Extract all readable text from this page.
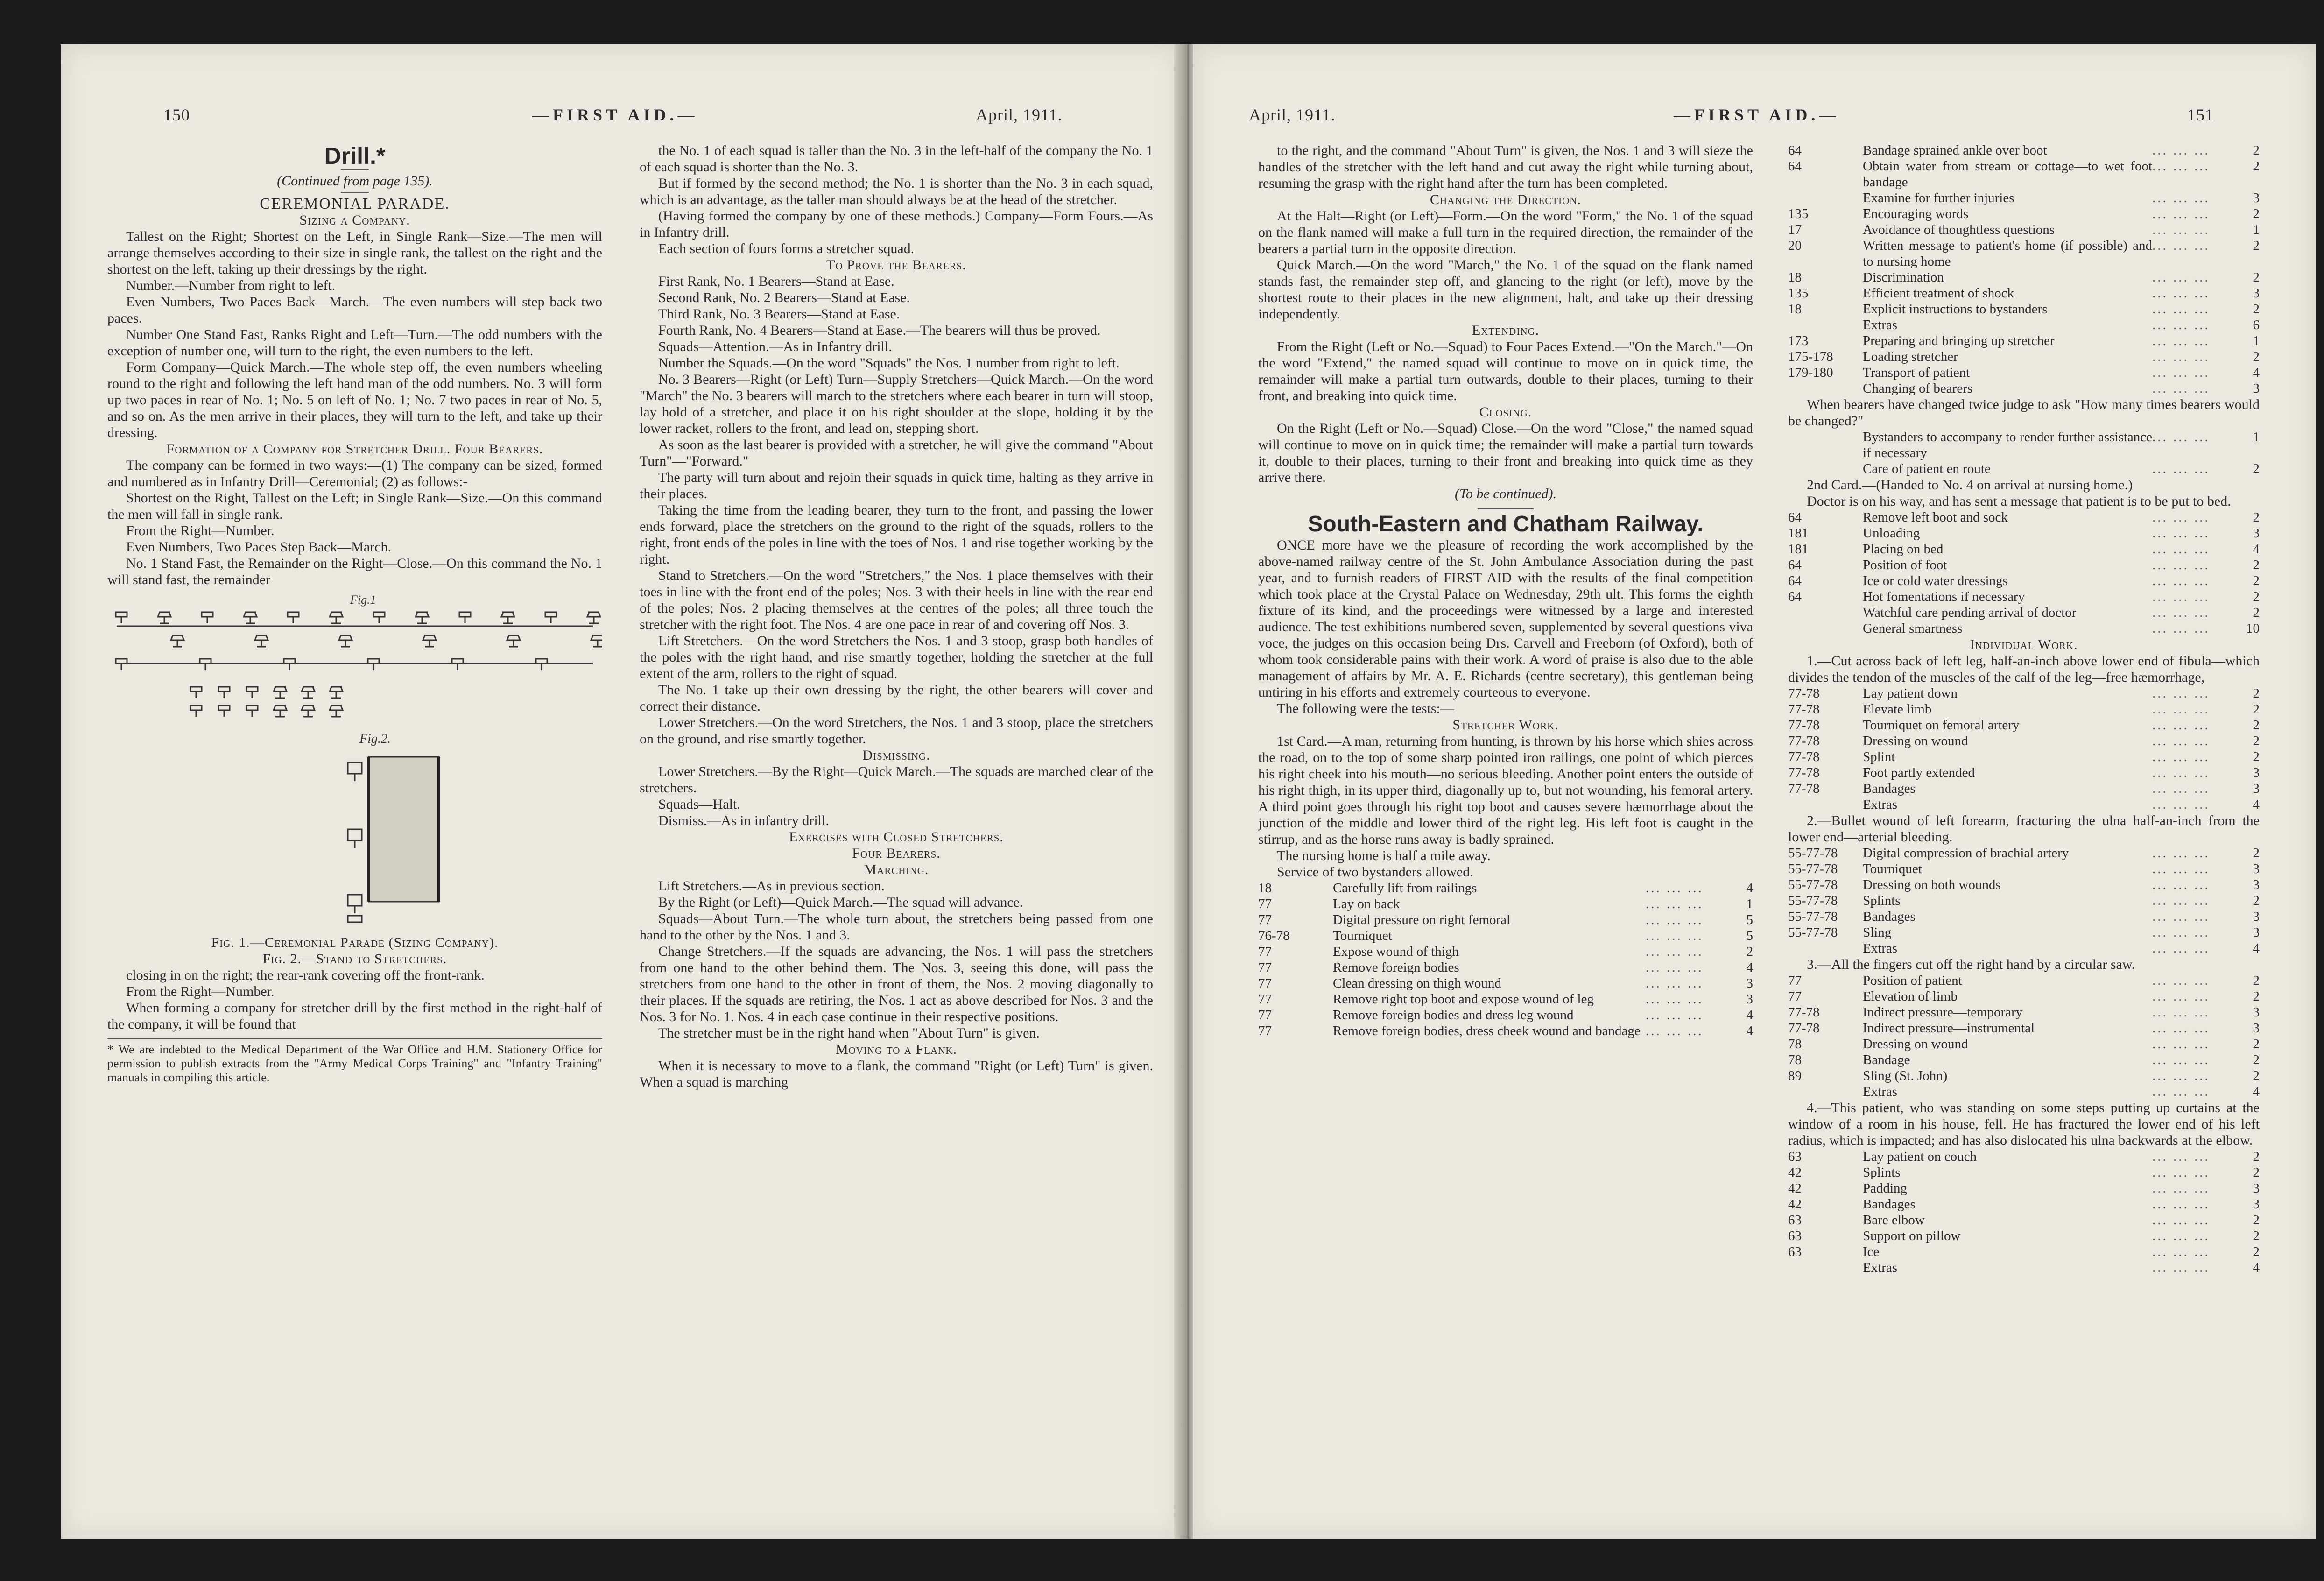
150	—FIRST AID.—	April, 1911.
Drill.*

(Continued from page 135).

CEREMONIAL PARADE.

Sizing a Company.

Tallest on the Right; Shortest on the Left, in Single Rank—Size.—The men will arrange themselves according to their size in single rank, the tallest on the right and the shortest on the left, taking up their dressings by the right.

Number.—Number from right to left.

Even Numbers, Two Paces Back—March.—The even numbers will step back two paces.

Number One Stand Fast, Ranks Right and Left—Turn.—The odd numbers with the exception of number one, will turn to the right, the even numbers to the left.

Form Company—Quick March.—The whole step off, the even numbers wheeling round to the right and following the left hand man of the odd numbers. No. 3 will form up two paces in rear of No. 1; No. 5 on left of No. 1; No. 7 two paces in rear of No. 5, and so on. As the men arrive in their places, they will turn to the left, and take up their dressing.

Formation of a Company for Stretcher Drill. Four Bearers.

The company can be formed in two ways:—(1) The company can be sized, formed and numbered as in Infantry Drill—Ceremonial; (2) as follows:-

Shortest on the Right, Tallest on the Left; in Single Rank—Size.—On this command the men will fall in single rank.

From the Right—Number.

Even Numbers, Two Paces Step Back—March.

No. 1 Stand Fast, the Remainder on the Right—Close.—On this command the No. 1 will stand fast, the remainder

Fig.1
Fig.2.

Fig. 1.—Ceremonial Parade (Sizing Company).

Fig. 2.—Stand to Stretchers.

closing in on the right; the rear-rank covering off the front-rank.

From the Right—Number.

When forming a company for stretcher drill by the first method in the right-half of the company, it will be found that

* We are indebted to the Medical Department of the War Office and H.M. Stationery Office for permission to publish extracts from the "Army Medical Corps Training" and "Infantry Training" manuals in compiling this article.

the No. 1 of each squad is taller than the No. 3 in the left-half of the company the No. 1 of each squad is shorter than the No. 3.

But if formed by the second method; the No. 1 is shorter than the No. 3 in each squad, which is an advantage, as the taller man should always be at the head of the stretcher.

(Having formed the company by one of these methods.) Company—Form Fours.—As in Infantry drill.

Each section of fours forms a stretcher squad.

To Prove the Bearers.

First Rank, No. 1 Bearers—Stand at Ease.

Second Rank, No. 2 Bearers—Stand at Ease.

Third Rank, No. 3 Bearers—Stand at Ease.

Fourth Rank, No. 4 Bearers—Stand at Ease.—The bearers will thus be proved.

Squads—Attention.—As in Infantry drill.

Number the Squads.—On the word "Squads" the Nos. 1 number from right to left.

No. 3 Bearers—Right (or Left) Turn—Supply Stretchers—Quick March.—On the word "March" the No. 3 bearers will march to the stretchers where each bearer in turn will stoop, lay hold of a stretcher, and place it on his right shoulder at the slope, holding it by the lower racket, rollers to the front, and lead on, stepping short.

As soon as the last bearer is provided with a stretcher, he will give the command "About Turn"—"Forward."

The party will turn about and rejoin their squads in quick time, halting as they arrive in their places.

Taking the time from the leading bearer, they turn to the front, and passing the lower ends forward, place the stretchers on the ground to the right of the squads, rollers to the right, front ends of the poles in line with the toes of Nos. 1 and rise together working by the right.

Stand to Stretchers.—On the word "Stretchers," the Nos. 1 place themselves with their toes in line with the front end of the poles; Nos. 3 with their heels in line with the rear end of the poles; Nos. 2 placing themselves at the centres of the poles; all three touch the stretcher with the right foot. The Nos. 4 are one pace in rear of and covering off Nos. 3.

Lift Stretchers.—On the word Stretchers the Nos. 1 and 3 stoop, grasp both handles of the poles with the right hand, and rise smartly together, holding the stretcher at the full extent of the arm, rollers to the right of squad.

The No. 1 take up their own dressing by the right, the other bearers will cover and correct their distance.

Lower Stretchers.—On the word Stretchers, the Nos. 1 and 3 stoop, place the stretchers on the ground, and rise smartly together.

Dismissing.

Lower Stretchers.—By the Right—Quick March.—The squads are marched clear of the stretchers.

Squads—Halt.

Dismiss.—As in infantry drill.

Exercises with Closed Stretchers.

Four Bearers.

Marching.

Lift Stretchers.—As in previous section.

By the Right (or Left)—Quick March.—The squad will advance.

Squads—About Turn.—The whole turn about, the stretchers being passed from one hand to the other by the Nos. 1 and 3.

Change Stretchers.—If the squads are advancing, the Nos. 1 will pass the stretchers from one hand to the other behind them. The Nos. 3, seeing this done, will pass the stretchers from one hand to the other in front of them, the Nos. 2 moving diagonally to their places. If the squads are retiring, the Nos. 1 act as above described for Nos. 3 and the Nos. 3 for No. 1. Nos. 4 in each case continue in their respective positions.

The stretcher must be in the right hand when "About Turn" is given.

Moving to a Flank.

When it is necessary to move to a flank, the command "Right (or Left) Turn" is given. When a squad is marching

April, 1911.	—FIRST AID.—	151

to the right, and the command "About Turn" is given, the Nos. 1 and 3 will sieze the handles of the stretcher with the left hand and cut away the right while turning about, resuming the grasp with the right hand after the turn has been completed.

Changing the Direction.

At the Halt—Right (or Left)—Form.—On the word "Form," the No. 1 of the squad on the flank named will make a full turn in the required direction, the remainder of the bearers a partial turn in the opposite direction.

Quick March.—On the word "March," the No. 1 of the squad on the flank named stands fast, the remainder step off, and glancing to the right (or left), move by the shortest route to their places in the new alignment, halt, and take up their dressing independently.

Extending.

From the Right (Left or No.—Squad) to Four Paces Extend.—"On the March."—On the word "Extend," the named squad will continue to move on in quick time, the remainder will make a partial turn outwards, double to their places, turning to their front, and breaking into quick time.

Closing.

On the Right (Left or No.—Squad) Close.—On the word "Close," the named squad will continue to move on in quick time; the remainder will make a partial turn towards it, double to their places, turning to their front and breaking into quick time as they arrive there.

(To be continued).

South-Eastern and Chatham Railway.

ONCE more have we the pleasure of recording the work accomplished by the above-named railway centre of the St. John Ambulance Association during the past year, and to furnish readers of FIRST AID with the results of the final competition which took place at the Crystal Palace on Wednesday, 29th ult. This forms the eighth fixture of its kind, and the proceedings were witnessed by a large and interested audience. The test exhibitions numbered seven, supplemented by several questions viva voce, the judges on this occasion being Drs. Carvell and Freeborn (of Oxford), both of whom took considerable pains with their work. A word of praise is also due to the able management of affairs by Mr. A. E. Richards (centre secretary), this gentleman being untiring in his efforts and extremely courteous to everyone.

The following were the tests:—

Stretcher Work.

1st Card.—A man, returning from hunting, is thrown by his horse which shies across the road, on to the top of some sharp pointed iron railings, one point of which pierces his right cheek into his mouth—no serious bleeding. Another point enters the outside of his right thigh, in its upper third, diagonally up to, but not wounding, his femoral artery. A third point goes through his right top boot and causes severe hæmorrhage about the junction of the middle and lower third of the right leg. His left foot is caught in the stirrup, and as the horse runs away is badly sprained.

The nursing home is half a mile away.

Service of two bystanders allowed.

18	Carefully lift from railings	... ... ...	4
77	Lay on back	... ... ...	1
77	Digital pressure on right femoral	... ... ...	5
76-78	Tourniquet	... ... ...	5
77	Expose wound of thigh	... ... ...	2
77	Remove foreign bodies	... ... ...	4
77	Clean dressing on thigh wound	... ... ...	3
77	Remove right top boot and expose wound of leg	... ... ...	3
77	Remove foreign bodies and dress leg wound	... ... ...	4
77	Remove foreign bodies, dress cheek wound and bandage ... ... ...	4
64	Bandage sprained ankle over boot	... ... ...	2
64	Obtain water from stream or cottage—to wet foot bandage
... ... ...	2
Examine for further injuries	... ... ...	3
135	Encouraging words	... ... ...	2
17	Avoidance of thoughtless questions	... ... ...	1
20	Written message to patient's home (if possible) and to nursing home
... ... ...	2
18	Discrimination	... ... ...	2
135	Efficient treatment of shock	... ... ...	3
18	Explicit instructions to bystanders	... ... ...	2
Extras	... ... ...	6
173	Preparing and bringing up stretcher	... ... ...	1
175-178	Loading stretcher	... ... ...	2
179-180	Transport of patient	... ... ...	4
Changing of bearers	... ... ...	3

When bearers have changed twice judge to ask "How many times bearers would be changed?"

Bystanders to accompany to render further assistance if necessary
... ... ...	1
Care of patient en route	... ... ...	2

2nd Card.—(Handed to No. 4 on arrival at nursing home.)

Doctor is on his way, and has sent a message that patient is to be put to bed.

64	Remove left boot and sock	... ... ...	2
181	Unloading	... ... ...	3
181	Placing on bed	... ... ...	4
64	Position of foot	... ... ...	2
64	Ice or cold water dressings	... ... ...	2
64	Hot fomentations if necessary	... ... ...	2
Watchful care pending arrival of doctor	... ... ...	2
General smartness	... ... ...	10

Individual Work.

1.—Cut across back of left leg, half-an-inch above lower end of fibula—which divides the tendon of the muscles of the calf of the leg—free hæmorrhage,

77-78	Lay patient down	... ... ...	2
77-78	Elevate limb	... ... ...	2
77-78	Tourniquet on femoral artery	... ... ...	2
77-78	Dressing on wound	... ... ...	2
77-78	Splint	... ... ...	2
77-78	Foot partly extended	... ... ...	3
77-78	Bandages	... ... ...	3
Extras	... ... ...	4

2.—Bullet wound of left forearm, fracturing the ulna half-an-inch from the lower end—arterial bleeding.

55-77-78	Digital compression of brachial artery	... ... ...	2
55-77-78	Tourniquet	... ... ...	3
55-77-78	Dressing on both wounds	... ... ...	3
55-77-78	Splints	... ... ...	2
55-77-78	Bandages	... ... ...	3
55-77-78	Sling	... ... ...	3
Extras	... ... ...	4

3.—All the fingers cut off the right hand by a circular saw.

77	Position of patient	... ... ...	2
77	Elevation of limb	... ... ...	2
77-78	Indirect pressure—temporary	... ... ...	3
77-78	Indirect pressure—instrumental	... ... ...	3
78	Dressing on wound	... ... ...	2
78	Bandage	... ... ...	2
89	Sling (St. John)	... ... ...	2
Extras	... ... ...	4

4.—This patient, who was standing on some steps putting up curtains at the window of a room in his house, fell. He has fractured the lower end of his left radius, which is impacted; and has also dislocated his ulna backwards at the elbow.

63	Lay patient on couch	... ... ...	2
42	Splints	... ... ...	2
42	Padding	... ... ...	3
42	Bandages	... ... ...	3
63	Bare elbow	... ... ...	2
63	Support on pillow	... ... ...	2
63	Ice	... ... ...	2
Extras	... ... ...	4
